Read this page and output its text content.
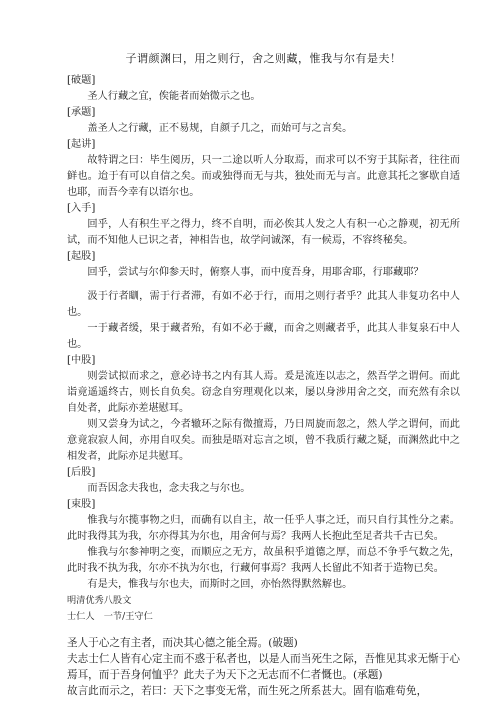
子谓颜渊曰，用之则行，舍之则藏，惟我与尔有是夫！

[破题]

圣人行藏之宜，俟能者而始微示之也。

[承题]

盖圣人之行藏，正不易规，自颜子几之，而始可与之言矣。

[起讲]

故特谓之曰：毕生阅历，只一二途以听人分取焉，而求可以不穷于其际者，往往而鲜也。迨于有可以自信之矣。而或独得而无与共，独处而无与言。此意其托之寥歇自适也耶，而吾今幸有以语尔也。

[入手]

回乎，人有积生平之得力，终不自明，而必俟其人发之人有积一心之静观，初无所试，而不知他人已识之者，神相告也，故学问诚深，有一候焉，不容终秘矣。

[起股]

回乎，尝试与尔仰参天时，俯察人事，而中度吾身，用耶舍耶，行耶藏耶？

汲于行者瞓，需于行者滞，有如不必于行，而用之则行者乎？此其人非复功名中人也。

一于藏者缓，果于藏者殆，有如不必于藏，而舍之则藏者乎，此其人非复泉石中人也。

[中股]

则尝试拟而求之，意必诗书之内有其人焉。爰是流连以志之，然吾学之谓何。而此诣竟遥遥终古，则长自负矣。窃念自穷理观化以来，屡以身涉用舍之交，而充然有余以自处者，此际亦差堪慰耳。

则又尝身为试之，今者辙环之际有微擅焉，乃日周旋而忽之，然人学之谓何，而此意竟寂寂人间，亦用自叹矣。而独是晤对忘言之顷，曾不我质行藏之疑，而渊然此中之相发者，此际亦足共慰耳。

[后股]

而吾因念夫我也，念夫我之与尔也。

[束股]

惟我与尔揽事物之归，而确有以自主，故一任乎人事之迁，而只自行其性分之素。此时我得其为我，尔亦得其为尔也，用舍何与焉？我两人长抱此至足者共千古已矣。

惟我与尔参神明之变，而顺应之无方，故虽积乎道德之厚，而总不争乎气数之先，此时我不执为我，尔亦不执为尔也，行藏何事焉？我两人长留此不知者于造物已矣。

有是夫，惟我与尔也夫，而斯时之回，亦怡然得默然解也。

明清优秀八股文

士仁人　一节/王守仁

圣人于心之有主者，而决其心德之能全焉。(破题)

夫志士仁人皆有心定主而不惑于私者也，以是人而当死生之际，吾惟见其求无惭于心焉耳，而于吾身何恤乎？此夫子为天下之无志而不仁者慨也。(承题)

故言此而示之，若曰：天下之事变无常，而生死之所系甚大。固有临难苟免，
